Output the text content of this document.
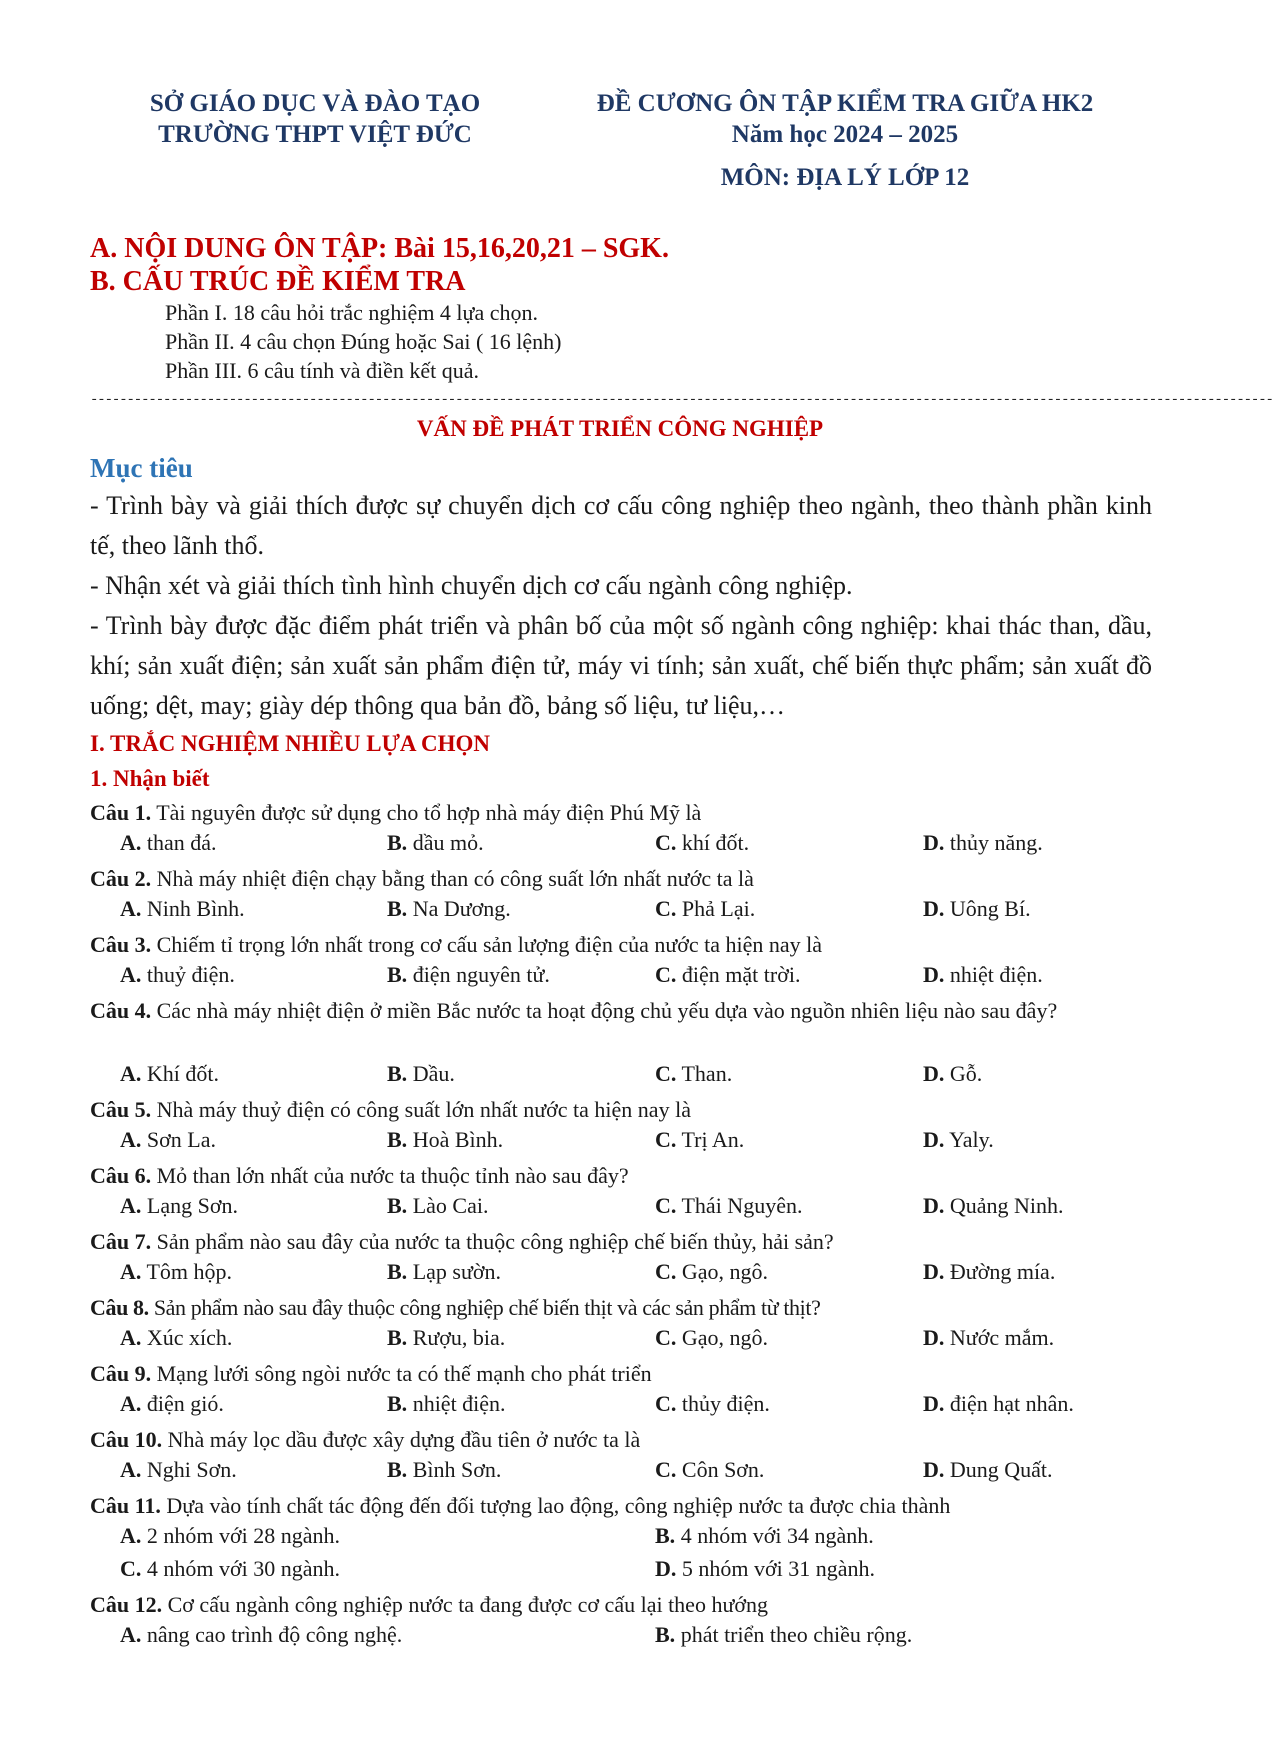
SỞ GIÁO DỤC VÀ ĐÀO TẠO
TRƯỜNG THPT VIỆT ĐỨC
ĐỀ CƯƠNG ÔN TẬP KIỂM TRA GIỮA HK2
Năm học 2024 – 2025
MÔN: ĐỊA LÝ LỚP 12
A. NỘI DUNG ÔN TẬP: Bài 15,16,20,21 – SGK.
B. CẤU TRÚC ĐỀ KIỂM TRA
Phần I. 18 câu hỏi trắc nghiệm 4 lựa chọn.
Phần II. 4 câu chọn Đúng hoặc Sai ( 16 lệnh)
Phần III. 6 câu tính và điền kết quả.
------------------------------------------------------------------------------------------------------------------------------------------------------------------
VẤN ĐỀ PHÁT TRIỂN CÔNG NGHIỆP
Mục tiêu
- Trình bày và giải thích được sự chuyển dịch cơ cấu công nghiệp theo ngành, theo thành phần kinh tế, theo lãnh thổ.
- Nhận xét và giải thích tình hình chuyển dịch cơ cấu ngành công nghiệp.
- Trình bày được đặc điểm phát triển và phân bố của một số ngành công nghiệp: khai thác than, dầu, khí; sản xuất điện; sản xuất sản phẩm điện tử, máy vi tính; sản xuất, chế biến thực phẩm; sản xuất đồ uống; dệt, may; giày dép thông qua bản đồ, bảng số liệu, tư liệu,…
I. TRẮC NGHIỆM NHIỀU LỰA CHỌN
1. Nhận biết
Câu 1. Tài nguyên được sử dụng cho tổ hợp nhà máy điện Phú Mỹ là
A. than đá.	B. dầu mỏ.	C. khí đốt.	D. thủy năng.
Câu 2. Nhà máy nhiệt điện chạy bằng than có công suất lớn nhất nước ta là
A. Ninh Bình.	B. Na Dương.	C. Phả Lại.	D. Uông Bí.
Câu 3. Chiếm tỉ trọng lớn nhất trong cơ cấu sản lượng điện của nước ta hiện nay là
A. thuỷ điện.	B. điện nguyên tử.	C. điện mặt trời.	D. nhiệt điện.
Câu 4. Các nhà máy nhiệt điện ở miền Bắc nước ta hoạt động chủ yếu dựa vào nguồn nhiên liệu nào sau đây?
A. Khí đốt.	B. Dầu.	C. Than.	D. Gỗ.
Câu 5. Nhà máy thuỷ điện có công suất lớn nhất nước ta hiện nay là
A. Sơn La.	B. Hoà Bình.	C. Trị An.	D. Yaly.
Câu 6. Mỏ than lớn nhất của nước ta thuộc tỉnh nào sau đây?
A. Lạng Sơn.	B. Lào Cai.	C. Thái Nguyên.	D. Quảng Ninh.
Câu 7. Sản phẩm nào sau đây của nước ta thuộc công nghiệp chế biến thủy, hải sản?
A. Tôm hộp.	B. Lạp sườn.	C. Gạo, ngô.	D. Đường mía.
Câu 8. Sản phẩm nào sau đây thuộc công nghiệp chế biến thịt và các sản phẩm từ thịt?
A. Xúc xích.	B. Rượu, bia.	C. Gạo, ngô.	D. Nước mắm.
Câu 9. Mạng lưới sông ngòi nước ta có thế mạnh cho phát triển
A. điện gió.	B. nhiệt điện.	C. thủy điện.	D. điện hạt nhân.
Câu 10. Nhà máy lọc dầu được xây dựng đầu tiên ở nước ta là
A. Nghi Sơn.	B. Bình Sơn.	C. Côn Sơn.	D. Dung Quất.
Câu 11. Dựa vào tính chất tác động đến đối tượng lao động, công nghiệp nước ta được chia thành
A. 2 nhóm với 28 ngành.	B. 4 nhóm với 34 ngành.
C. 4 nhóm với 30 ngành.	D. 5 nhóm với 31 ngành.
Câu 12. Cơ cấu ngành công nghiệp nước ta đang được cơ cấu lại theo hướng
A. nâng cao trình độ công nghệ.	B. phát triển theo chiều rộng.
